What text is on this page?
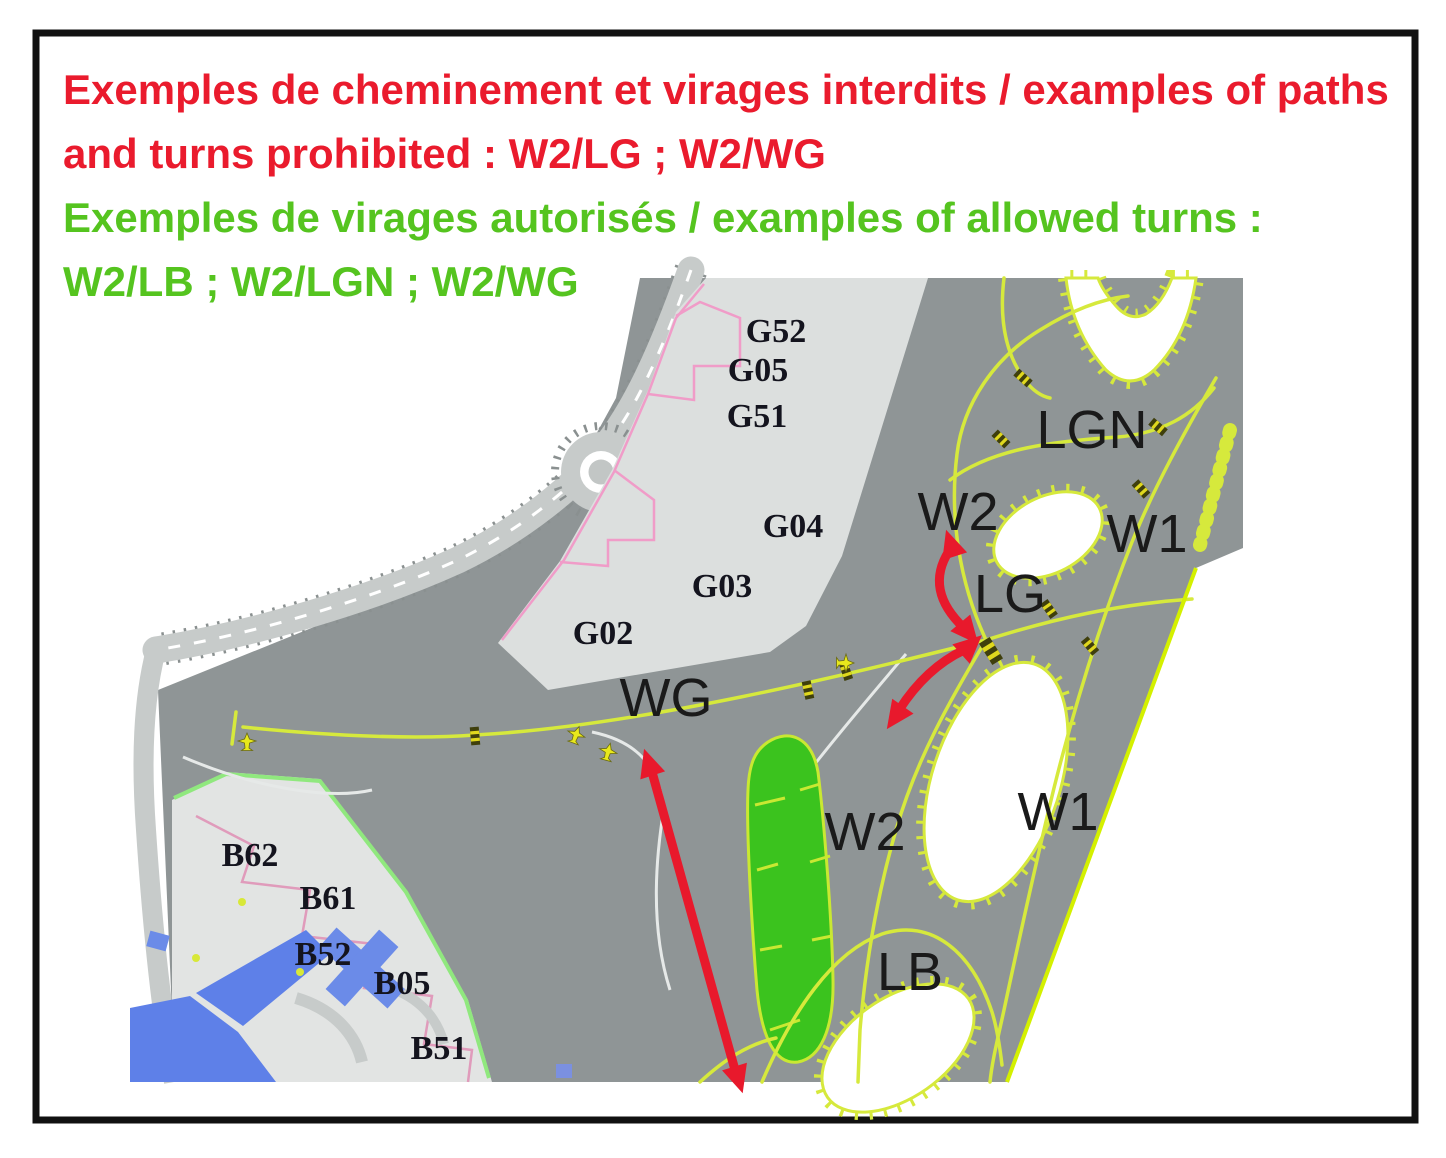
Exemples de cheminement et virages interdits / examples of paths
and turns prohibited : W2/LG ; W2/WG
Exemples de virages autorisés / examples of allowed turns :
W2/LB ; W2/LGN ; W2/WG
G52
G05
G51
G04
G03
G02
B62
B61
B52
B05
B51
WG
W2
LG
LGN
W1
W2 W1
LB
